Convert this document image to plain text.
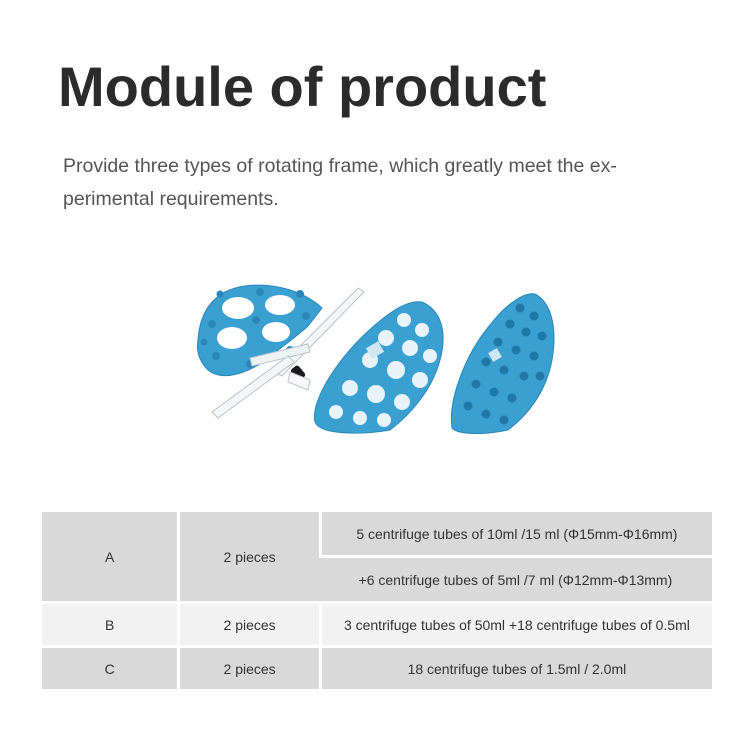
Module of product

Provide three types of rotating frame, which greatly meet the ex-
perimental requirements.

A	2 pieces	5 centrifuge tubes of 10ml /15 ml (Φ15mm-Φ16mm)
		+6 centrifuge tubes of 5ml /7 ml (Φ12mm-Φ13mm)
B	2 pieces	3 centrifuge tubes of 50ml +18 centrifuge tubes of 0.5ml
C	2 pieces	18 centrifuge tubes of 1.5ml / 2.0ml
